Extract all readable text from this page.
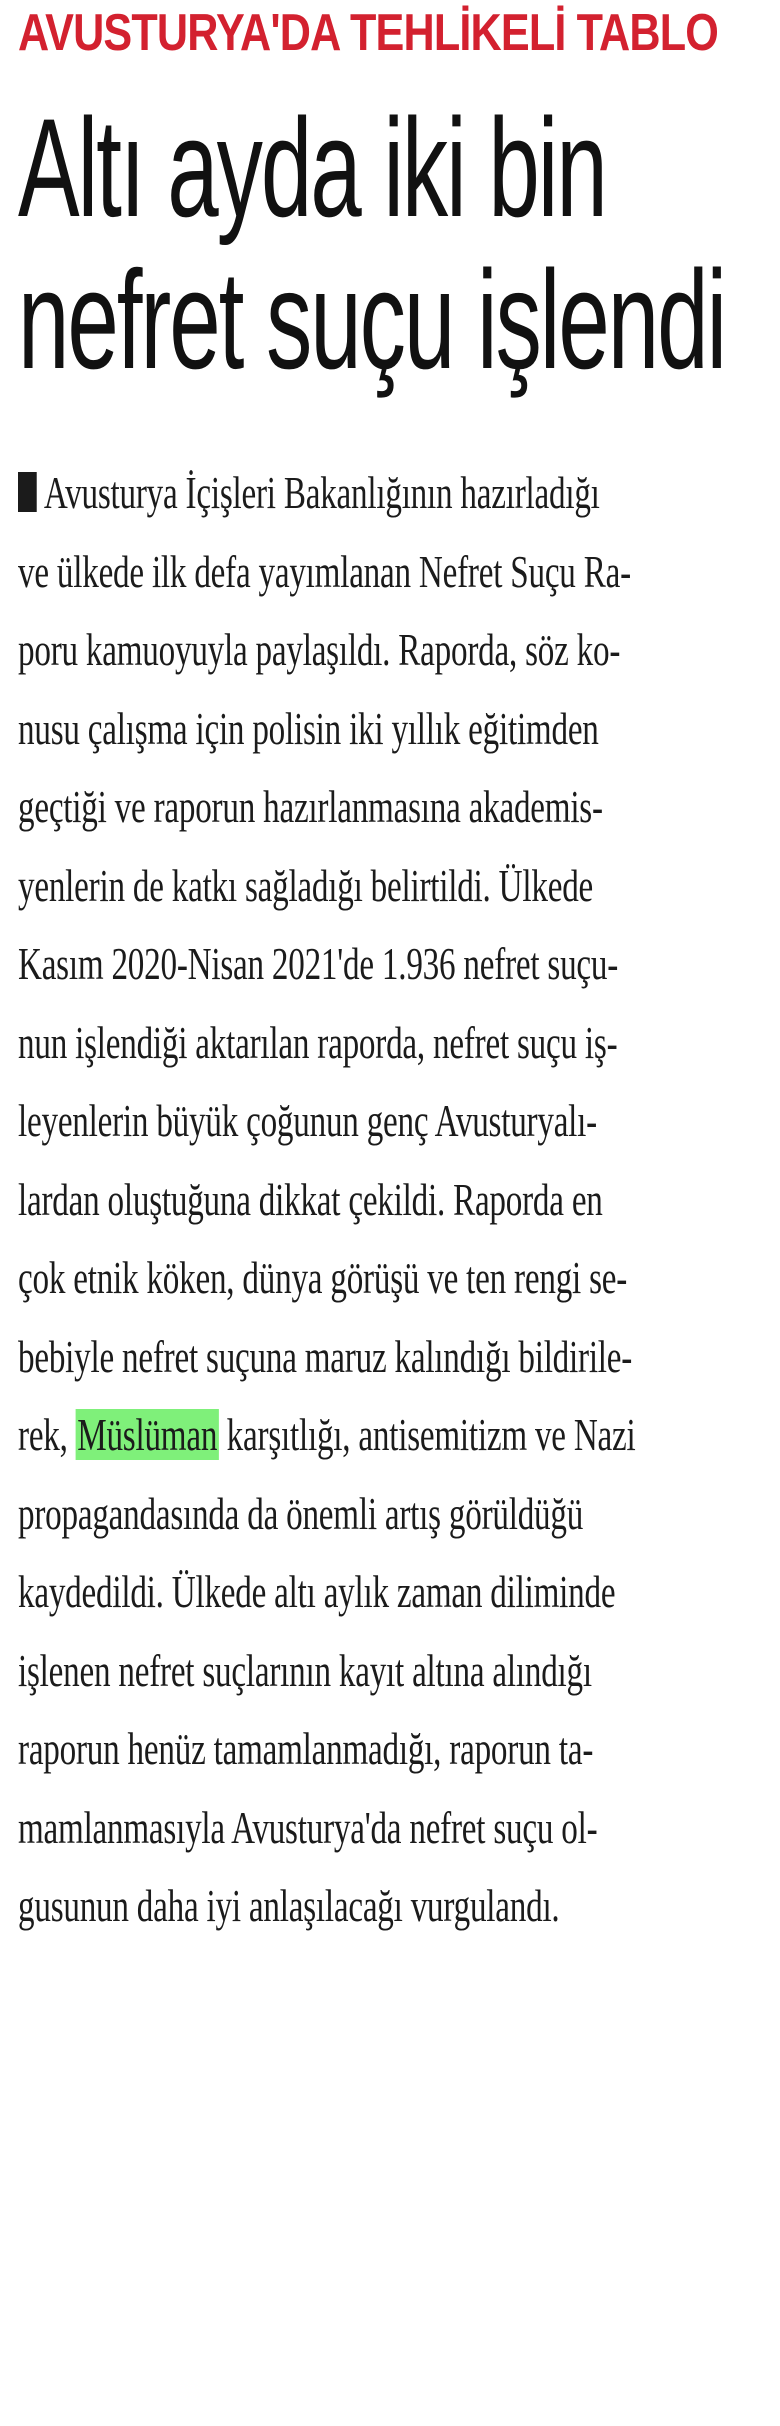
AVUSTURYA'DA TEHLİKELİ TABLO
Altı ayda iki bin
nefret suçu işlendi
Avusturya İçişleri Bakanlığının hazırladığı
ve ülkede ilk defa yayımlanan Nefret Suçu Ra-
poru kamuoyuyla paylaşıldı. Raporda, söz ko-
nusu çalışma için polisin iki yıllık eğitimden
geçtiği ve raporun hazırlanmasına akademis-
yenlerin de katkı sağladığı belirtildi. Ülkede
Kasım 2020-Nisan 2021'de 1.936 nefret suçu-
nun işlendiği aktarılan raporda, nefret suçu iş-
leyenlerin büyük çoğunun genç Avusturyalı-
lardan oluştuğuna dikkat çekildi. Raporda en
çok etnik köken, dünya görüşü ve ten rengi se-
bebiyle nefret suçuna maruz kalındığı bildirile-
rek, Müslüman karşıtlığı, antisemitizm ve Nazi
propagandasında da önemli artış görüldüğü
kaydedildi. Ülkede altı aylık zaman diliminde
işlenen nefret suçlarının kayıt altına alındığı
raporun henüz tamamlanmadığı, raporun ta-
mamlanmasıyla Avusturya'da nefret suçu ol-
gusunun daha iyi anlaşılacağı vurgulandı.
